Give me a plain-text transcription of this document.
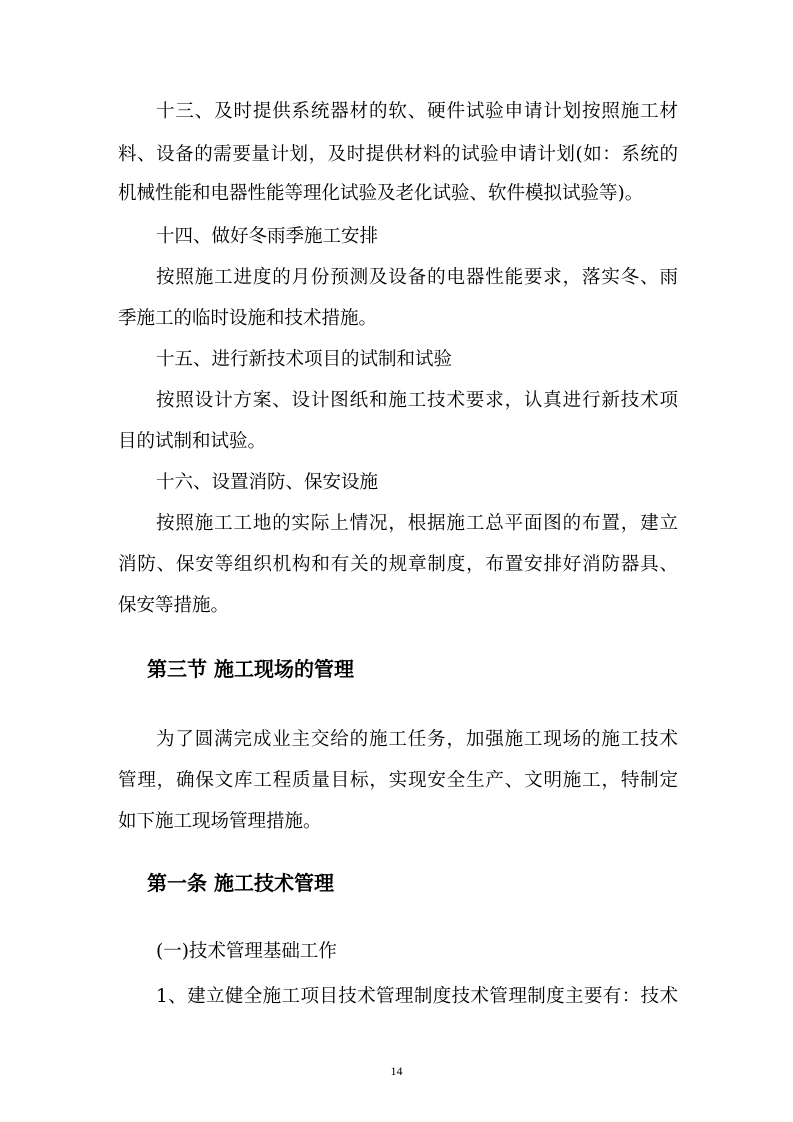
十三、及时提供系统器材的软、硬件试验申请计划按照施工材
料、设备的需要量计划，及时提供材料的试验申请计划(如：系统的
机械性能和电器性能等理化试验及老化试验、软件模拟试验等)。
十四、做好冬雨季施工安排
按照施工进度的月份预测及设备的电器性能要求，落实冬、雨
季施工的临时设施和技术措施。
十五、进行新技术项目的试制和试验
按照设计方案、设计图纸和施工技术要求，认真进行新技术项
目的试制和试验。
十六、设置消防、保安设施
按照施工工地的实际上情况，根据施工总平面图的布置，建立
消防、保安等组织机构和有关的规章制度，布置安排好消防器具、
保安等措施。
第三节 施工现场的管理
为了圆满完成业主交给的施工任务，加强施工现场的施工技术
管理，确保文库工程质量目标，实现安全生产、文明施工，特制定
如下施工现场管理措施。
第一条 施工技术管理
(一)技术管理基础工作
1、建立健全施工项目技术管理制度技术管理制度主要有：技术
14
